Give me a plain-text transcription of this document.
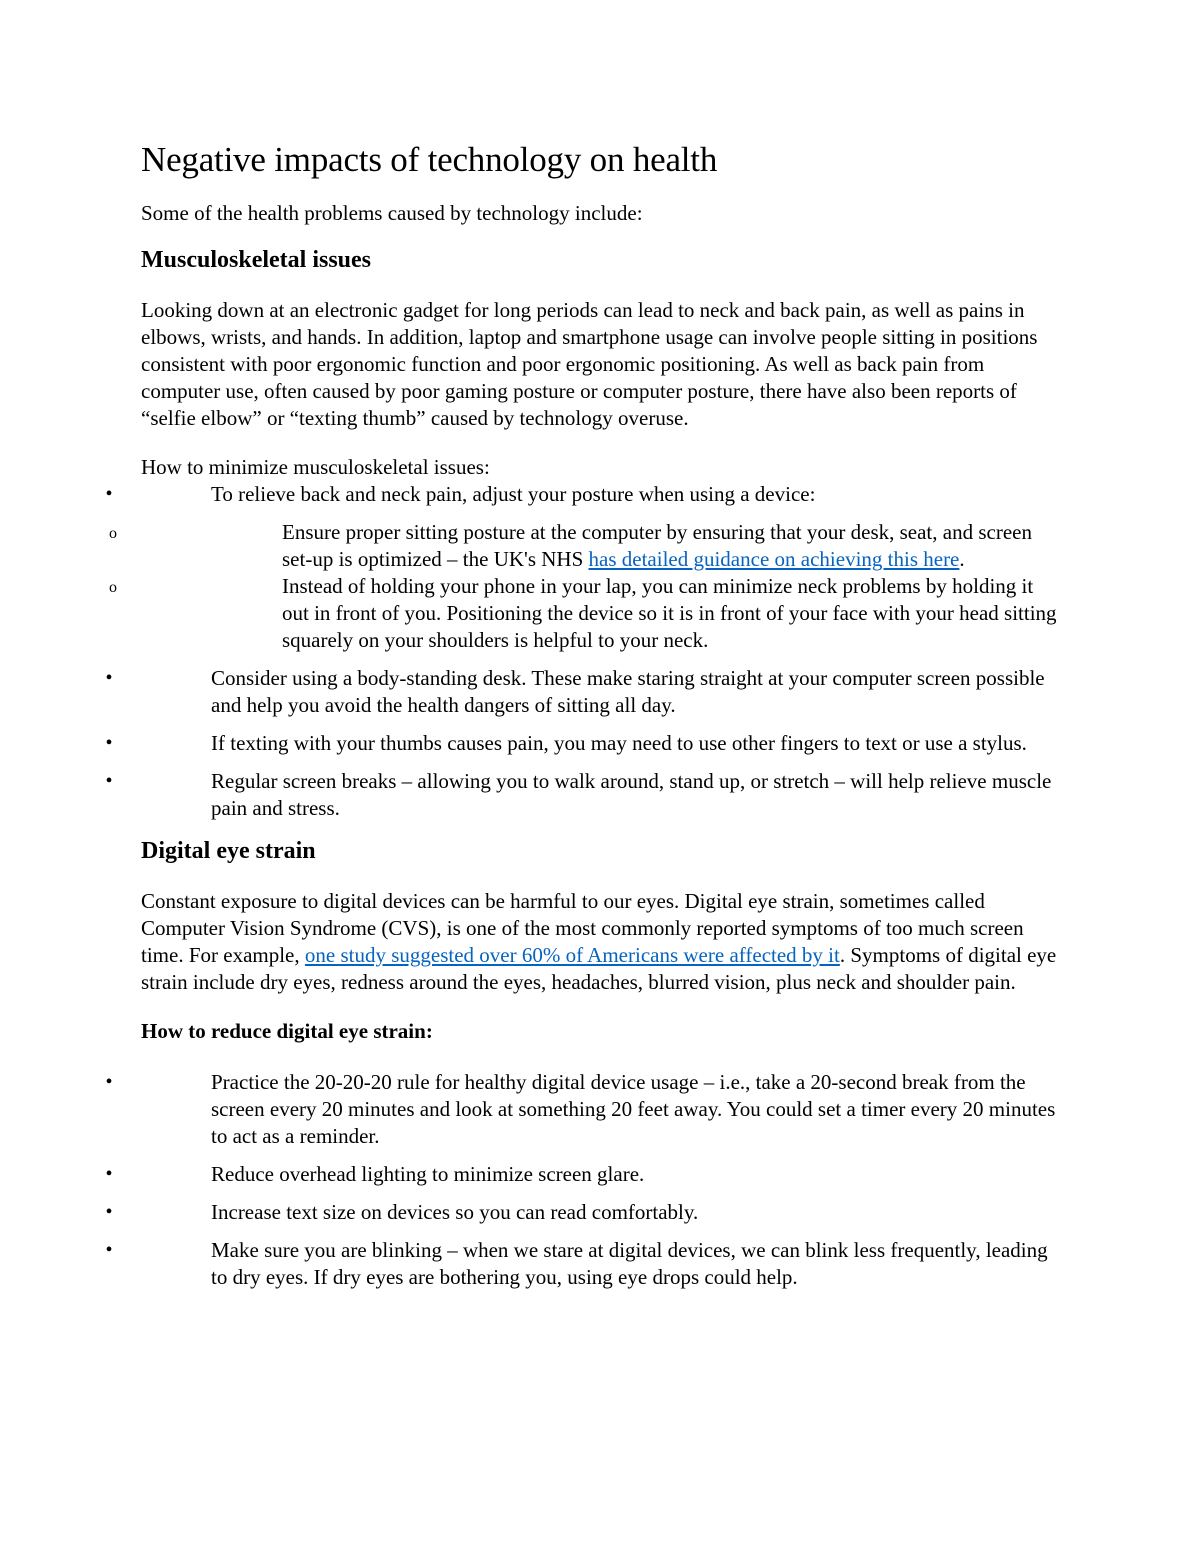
Negative impacts of technology on health

Some of the health problems caused by technology include:

Musculoskeletal issues

Looking down at an electronic gadget for long periods can lead to neck and back pain, as well as pains in elbows, wrists, and hands. In addition, laptop and smartphone usage can involve people sitting in positions consistent with poor ergonomic function and poor ergonomic positioning. As well as back pain from computer use, often caused by poor gaming posture or computer posture, there have also been reports of “selfie elbow” or “texting thumb” caused by technology overuse.

How to minimize musculoskeletal issues:

•	To relieve back and neck pain, adjust your posture when using a device:
o	Ensure proper sitting posture at the computer by ensuring that your desk, seat, and screen set-up is optimized – the UK's NHS has detailed guidance on achieving this here.
o	Instead of holding your phone in your lap, you can minimize neck problems by holding it out in front of you. Positioning the device so it is in front of your face with your head sitting squarely on your shoulders is helpful to your neck.
•	Consider using a body-standing desk. These make staring straight at your computer screen possible and help you avoid the health dangers of sitting all day.
•	If texting with your thumbs causes pain, you may need to use other fingers to text or use a stylus.
•	Regular screen breaks – allowing you to walk around, stand up, or stretch – will help relieve muscle pain and stress.
Digital eye strain

Constant exposure to digital devices can be harmful to our eyes. Digital eye strain, sometimes called Computer Vision Syndrome (CVS), is one of the most commonly reported symptoms of too much screen time. For example, one study suggested over 60% of Americans were affected by it. Symptoms of digital eye strain include dry eyes, redness around the eyes, headaches, blurred vision, plus neck and shoulder pain.

How to reduce digital eye strain:
•	Practice the 20-20-20 rule for healthy digital device usage – i.e., take a 20-second break from the screen every 20 minutes and look at something 20 feet away. You could set a timer every 20 minutes to act as a reminder.
•	Reduce overhead lighting to minimize screen glare.
•	Increase text size on devices so you can read comfortably.
•	Make sure you are blinking – when we stare at digital devices, we can blink less frequently, leading to dry eyes. If dry eyes are bothering you, using eye drops could help.
